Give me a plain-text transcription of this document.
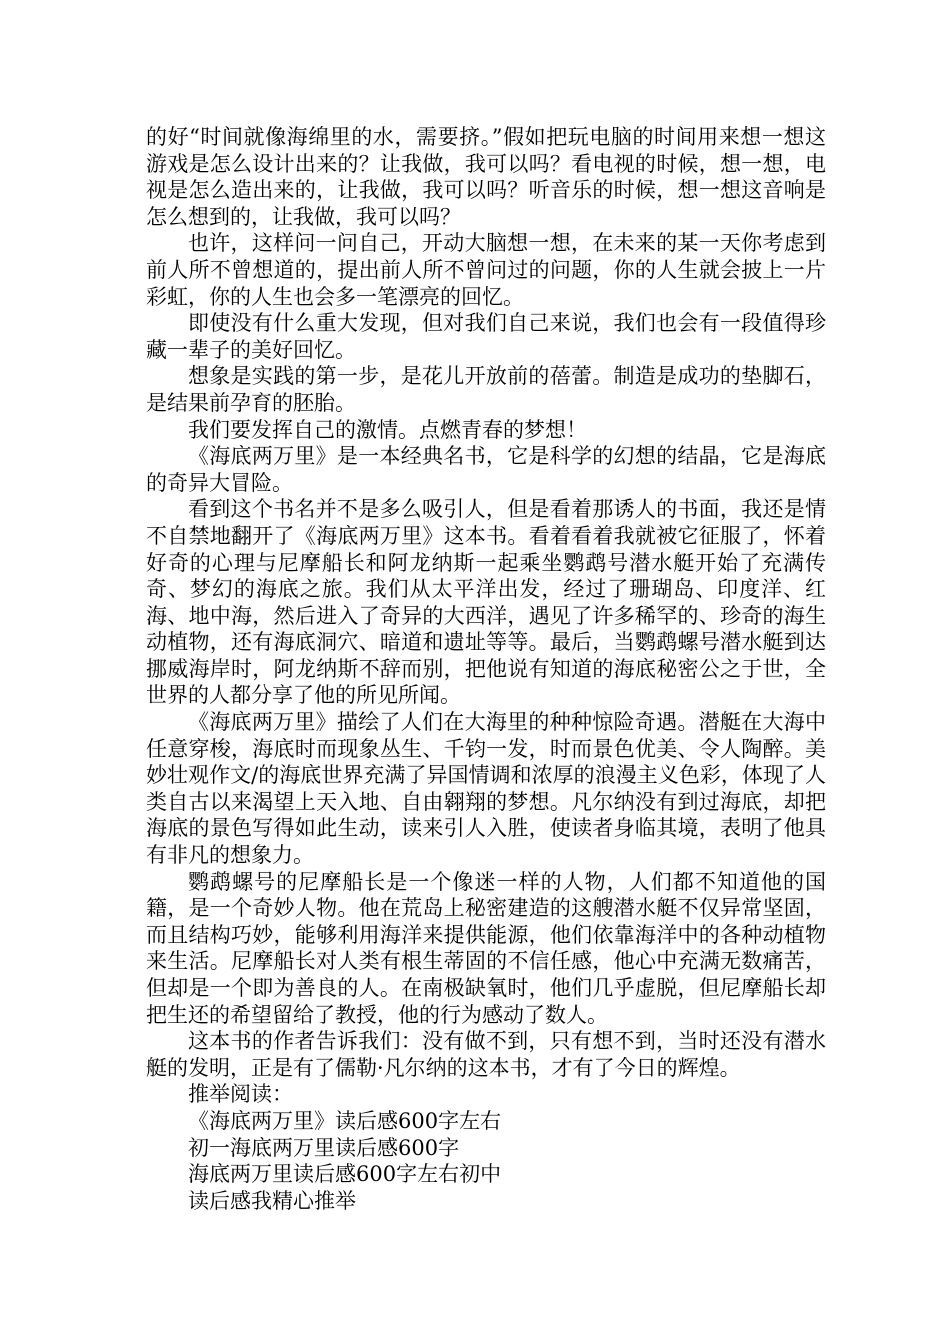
的好“时间就像海绵里的水，需要挤。”假如把玩电脑的时间用来想一想这游戏是怎么设计出来的？让我做，我可以吗？看电视的时候，想一想，电视是怎么造出来的，让我做，我可以吗？听音乐的时候，想一想这音响是怎么想到的，让我做，我可以吗？

也许，这样问一问自己，开动大脑想一想，在未来的某一天你考虑到前人所不曾想道的，提出前人所不曾问过的问题，你的人生就会披上一片彩虹，你的人生也会多一笔漂亮的回忆。

即使没有什么重大发现，但对我们自己来说，我们也会有一段值得珍藏一辈子的美好回忆。

想象是实践的第一步，是花儿开放前的蓓蕾。制造是成功的垫脚石，是结果前孕育的胚胎。

我们要发挥自己的激情。点燃青春的梦想！

《海底两万里》是一本经典名书，它是科学的幻想的结晶，它是海底的奇异大冒险。

看到这个书名并不是多么吸引人，但是看着那诱人的书面，我还是情不自禁地翻开了《海底两万里》这本书。看着看着我就被它征服了，怀着好奇的心理与尼摩船长和阿龙纳斯一起乘坐鹦鹉号潜水艇开始了充满传奇、梦幻的海底之旅。我们从太平洋出发，经过了珊瑚岛、印度洋、红海、地中海，然后进入了奇异的大西洋，遇见了许多稀罕的、珍奇的海生动植物，还有海底洞穴、暗道和遗址等等。最后，当鹦鹉螺号潜水艇到达挪威海岸时，阿龙纳斯不辞而别，把他说有知道的海底秘密公之于世，全世界的人都分享了他的所见所闻。

《海底两万里》描绘了人们在大海里的种种惊险奇遇。潜艇在大海中任意穿梭，海底时而现象丛生、千钧一发，时而景色优美、令人陶醉。美妙壮观作文/的海底世界充满了异国情调和浓厚的浪漫主义色彩，体现了人类自古以来渴望上天入地、自由翱翔的梦想。凡尔纳没有到过海底，却把海底的景色写得如此生动，读来引人入胜，使读者身临其境，表明了他具有非凡的想象力。

鹦鹉螺号的尼摩船长是一个像迷一样的人物，人们都不知道他的国籍，是一个奇妙人物。他在荒岛上秘密建造的这艘潜水艇不仅异常坚固，而且结构巧妙，能够利用海洋来提供能源，他们依靠海洋中的各种动植物来生活。尼摩船长对人类有根生蒂固的不信任感，他心中充满无数痛苦，但却是一个即为善良的人。在南极缺氧时，他们几乎虚脱，但尼摩船长却把生还的希望留给了教授，他的行为感动了数人。

这本书的作者告诉我们：没有做不到，只有想不到，当时还没有潜水艇的发明，正是有了儒勒·凡尔纳的这本书，才有了今日的辉煌。

推举阅读：

《海底两万里》读后感600字左右

初一海底两万里读后感600字

海底两万里读后感600字左右初中

读后感我精心推举
